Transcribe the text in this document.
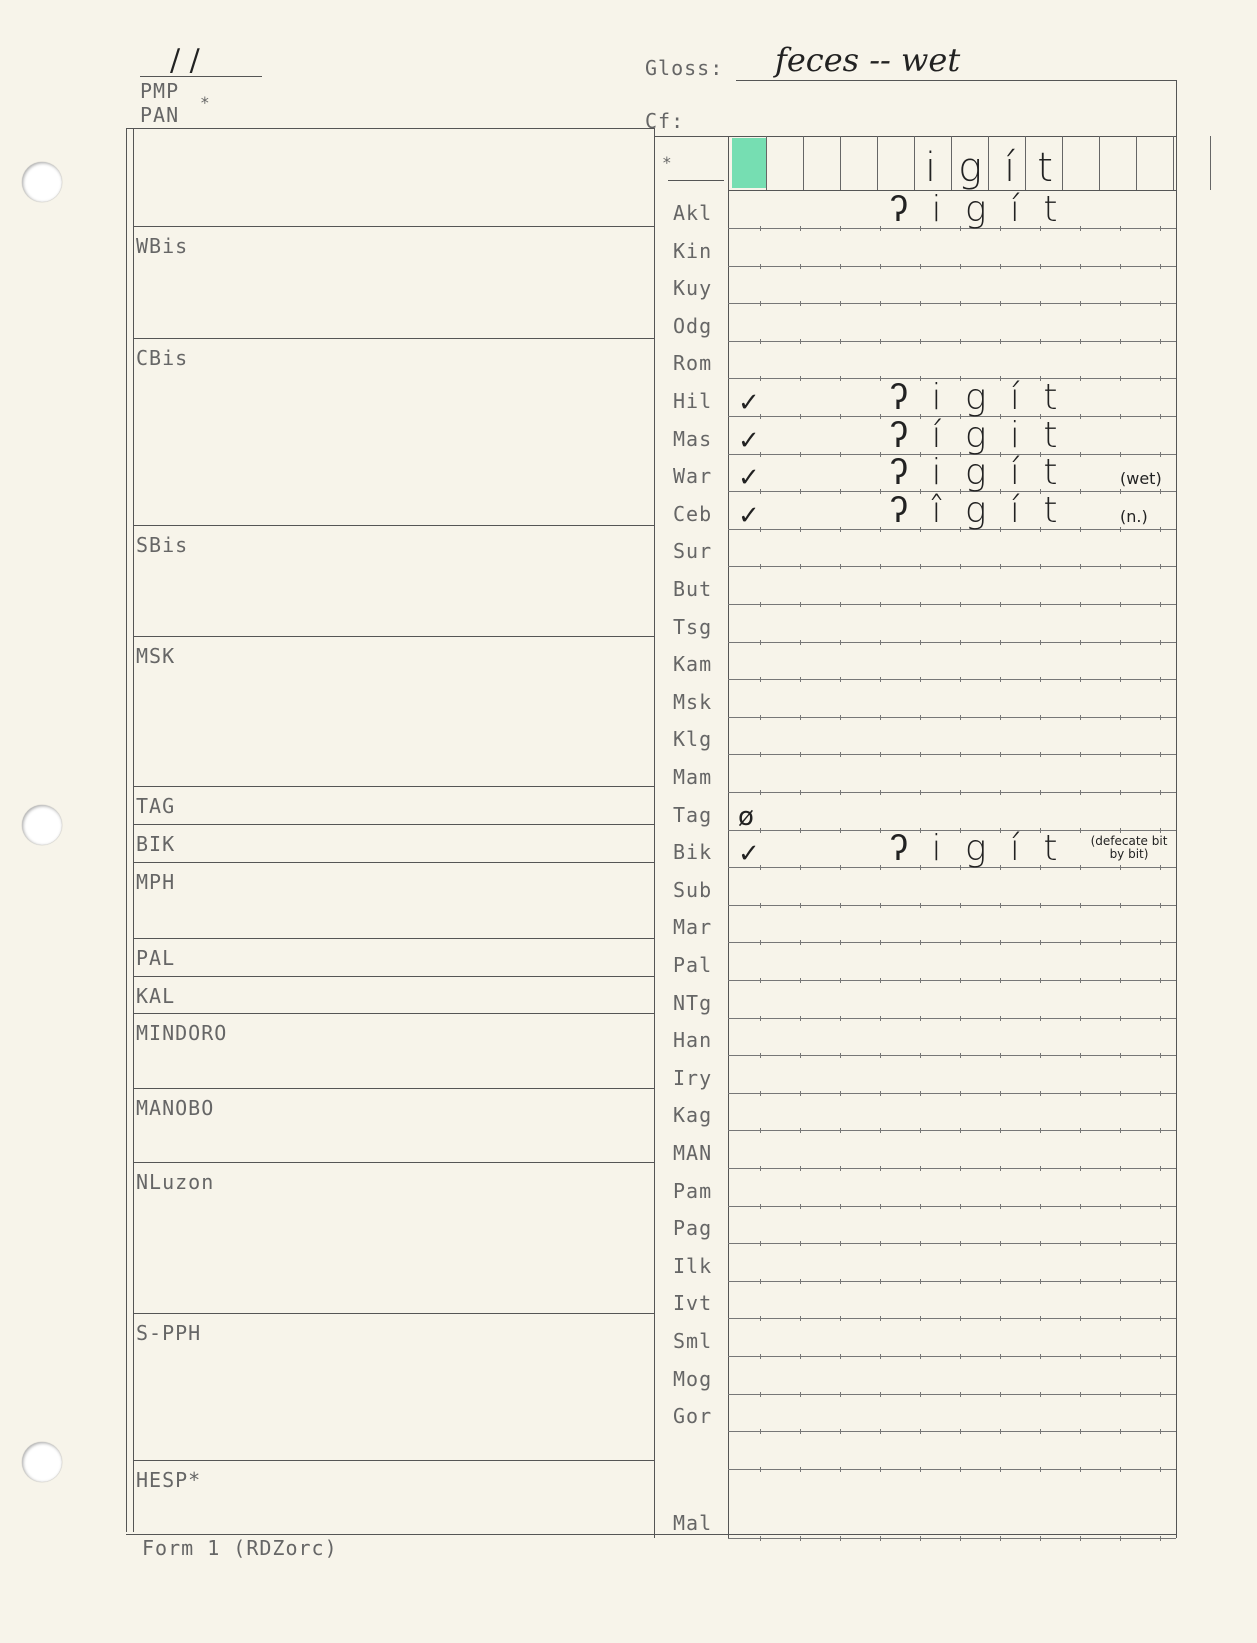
/ /
PMP *
PAN
Gloss: feces -- wet
Cf:
WBis
CBis
SBis
MSK
TAG
BIK
MPH
PAL
KAL
MINDORO
MANOBO
NLuzon
S-PPH
HESP*
*	igít
Akl	ʔ i g í t
Kin
Kuy
Odg
Rom
Hil ✓	ʔ i g í t
Mas ✓	ʔ í g i t
War ✓	ʔ i g í t	(wet)
Ceb ✓	ʔ î g í t	(n.)
Sur
But
Tsg
Kam
Msk
Klg
Mam
Tag ø
Bik ✓	ʔ i g í t	(defecate bit by bit)
Sub
Mar
Pal
NTg
Han
Iry
Kag
MAN
Pam
Pag
Ilk
Ivt
Sml
Mog
Gor
Mal
Form 1 (RDZorc)
